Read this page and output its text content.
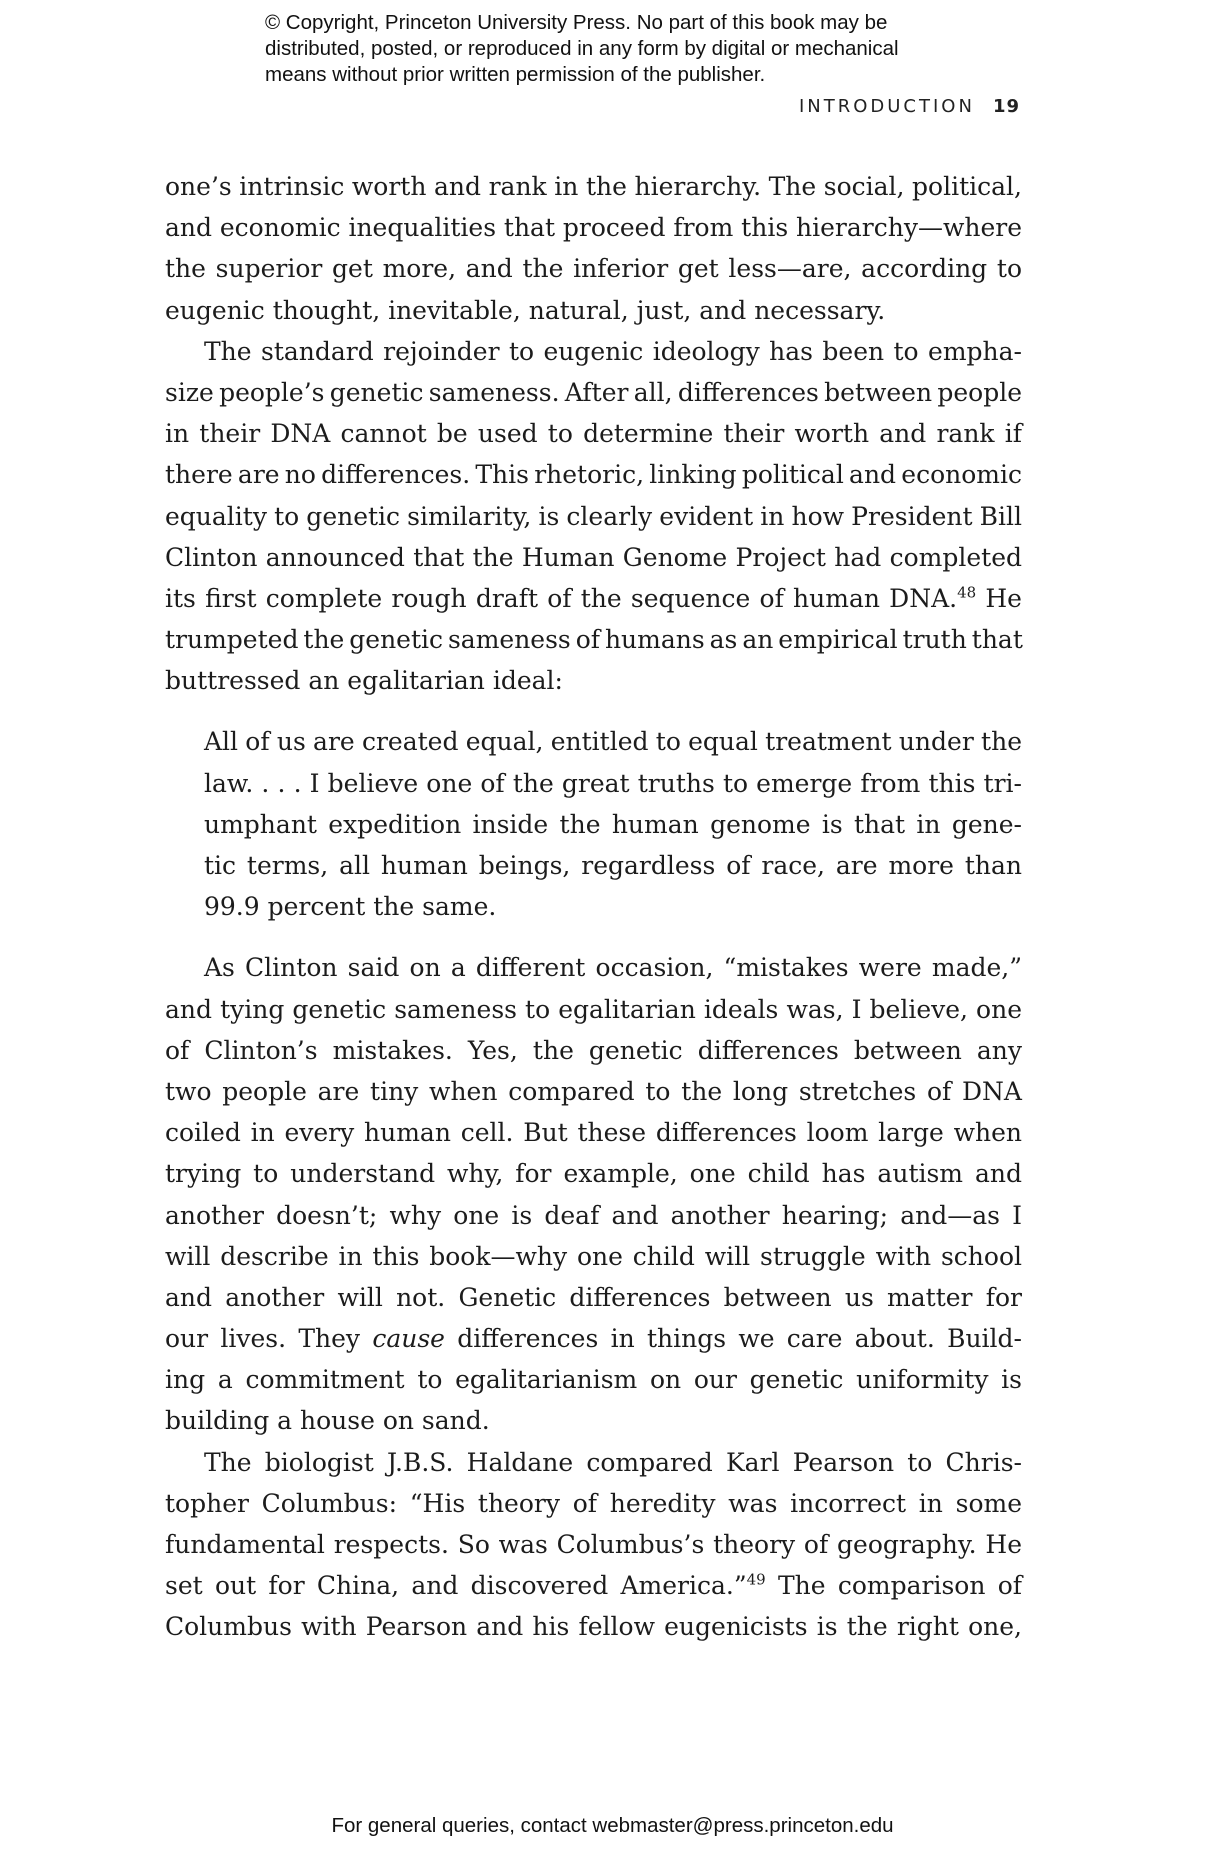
© Copyright, Princeton University Press. No part of this book may be
distributed, posted, or reproduced in any form by digital or mechanical
means without prior written permission of the publisher.
INTRODUCTION 19
one’s intrinsic worth and rank in the hierarchy. The social, political,
and economic inequalities that proceed from this hierarchy—where
the superior get more, and the inferior get less—are, according to
eugenic thought, inevitable, natural, just, and necessary.
The standard rejoinder to eugenic ideology has been to empha-
size people’s genetic sameness. After all, differences between people
in their DNA cannot be used to determine their worth and rank if
there are no differences. This rhetoric, linking political and economic
equality to genetic similarity, is clearly evident in how President Bill
Clinton announced that the Human Genome Project had completed
its first complete rough draft of the sequence of human DNA.$^{48}$ He
trumpeted the genetic sameness of humans as an empirical truth that
buttressed an egalitarian ideal:
All of us are created equal, entitled to equal treatment under the
law. . . . I believe one of the great truths to emerge from this tri-
umphant expedition inside the human genome is that in gene-
tic terms, all human beings, regardless of race, are more than
99.9 percent the same.
As Clinton said on a different occasion, “mistakes were made,”
and tying genetic sameness to egalitarian ideals was, I believe, one
of Clinton’s mistakes. Yes, the genetic differences between any
two people are tiny when compared to the long stretches of DNA
coiled in every human cell. But these differences loom large when
trying to understand why, for example, one child has autism and
another doesn’t; why one is deaf and another hearing; and—as I
will describe in this book—why one child will struggle with school
and another will not. Genetic differences between us matter for
our lives. They cause differences in things we care about. Build-
ing a commitment to egalitarianism on our genetic uniformity is
building a house on sand.
The biologist J.B.S. Haldane compared Karl Pearson to Chris-
topher Columbus: “His theory of heredity was incorrect in some
fundamental respects. So was Columbus’s theory of geography. He
set out for China, and discovered America.”$^{49}$ The comparison of
Columbus with Pearson and his fellow eugenicists is the right one,
For general queries, contact webmaster@press.princeton.edu
